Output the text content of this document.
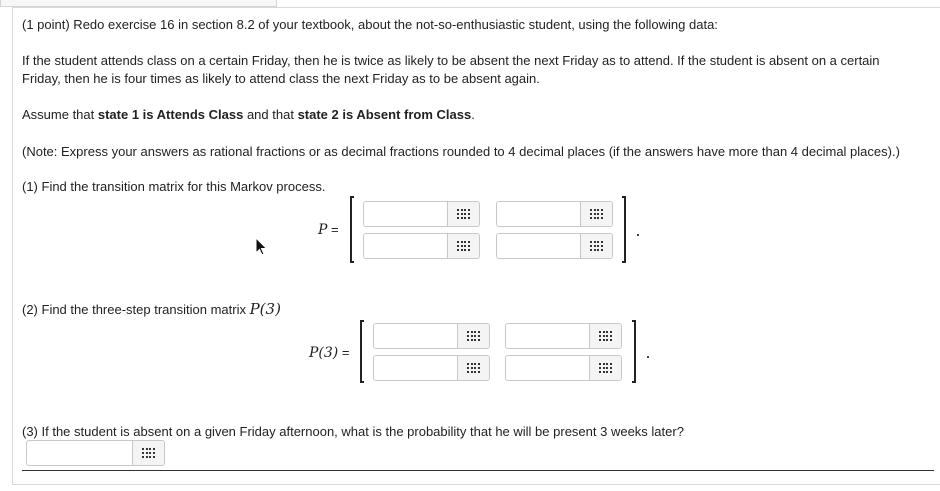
(1 point) Redo exercise 16 in section 8.2 of your textbook, about the not-so-enthusiastic student, using the following data:

If the student attends class on a certain Friday, then he is twice as likely to be absent the next Friday as to attend. If the student is absent on a certain Friday, then he is four times as likely to attend class the next Friday as to be absent again.

Assume that state 1 is Attends Class and that state 2 is Absent from Class.

(Note: Express your answers as rational fractions or as decimal fractions rounded to 4 decimal places (if the answers have more than 4 decimal places).)

(1) Find the transition matrix for this Markov process.

P =

(2) Find the three-step transition matrix P(3)

P(3) =

(3) If the student is absent on a given Friday afternoon, what is the probability that he will be present 3 weeks later?
